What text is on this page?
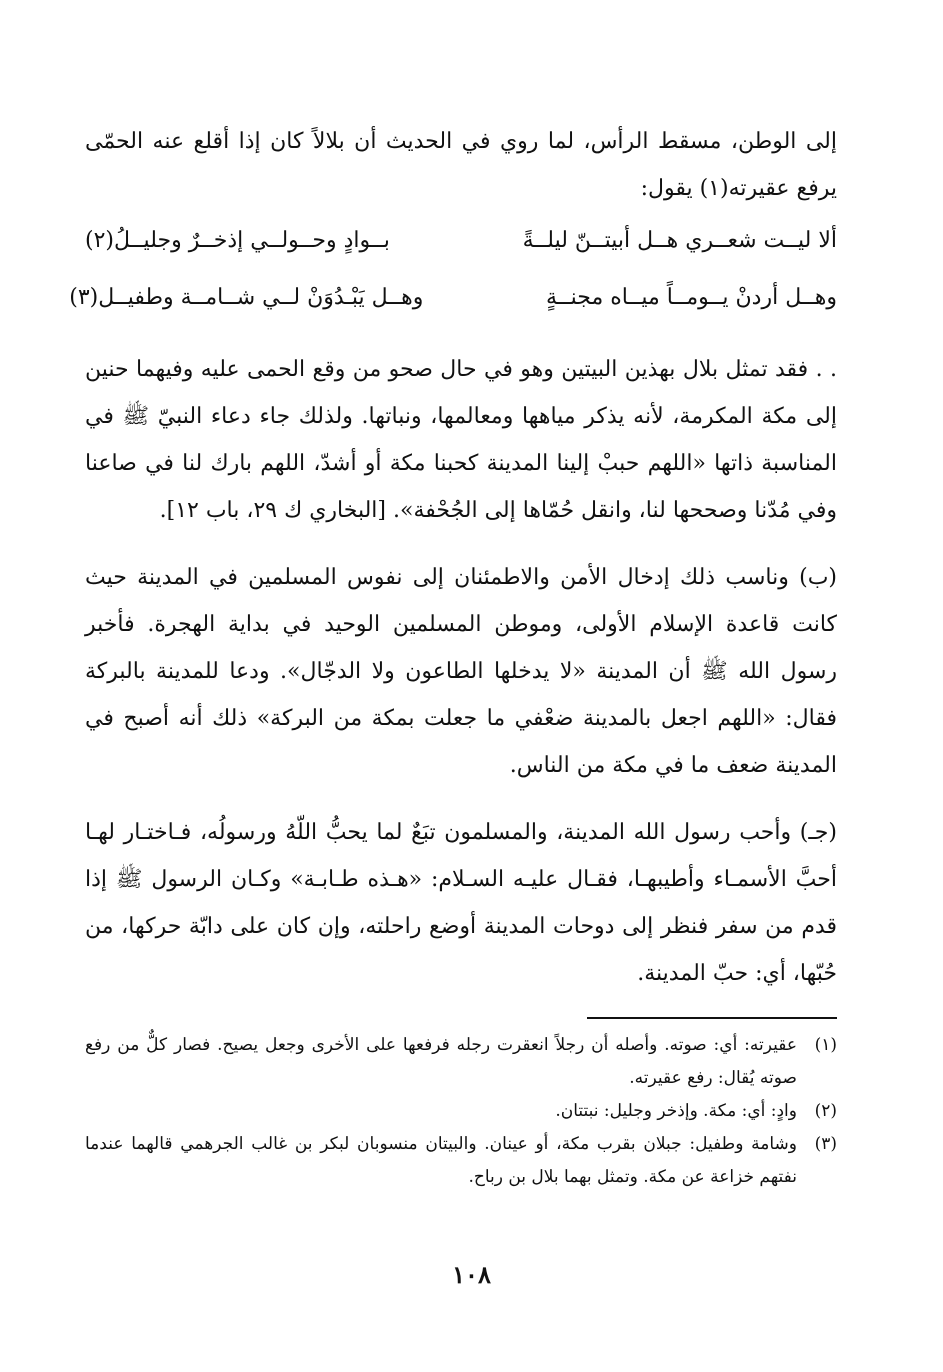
إلى الوطن، مسقط الرأس، لما روي في الحديث أن بلالاً كان إذا أقلع عنه الحمّى يرفع عقيرته(١) يقول:

ألا ليــت شعــري هــل أبيتــنّ ليلــةً
بــوادٍ وحــولــي إذخــرٌ وجليــلُ(٢)
وهــل أردنْ يــومــاً ميــاه مجنــةٍ
وهــل يَبْـدُوَنْ لــي شــامــة وطفيــل(٣)

. . فقد تمثل بلال بهذين البيتين وهو في حال صحو من وقع الحمى عليه وفيهما حنين إلى مكة المكرمة، لأنه يذكر مياهها ومعالمها، ونباتها. ولذلك جاء دعاء النبيّ ﷺ في المناسبة ذاتها «اللهم حببْ إلينا المدينة كحبنا مكة أو أشدّ، اللهم بارك لنا في صاعنا وفي مُدّنا وصححها لنا، وانقل حُمّاها إلى الجُحْفة». [البخاري ك ٢٩، باب ١٢].

(ب) وناسب ذلك إدخال الأمن والاطمئنان إلى نفوس المسلمين في المدينة حيث كانت قاعدة الإسلام الأولى، وموطن المسلمين الوحيد في بداية الهجرة. فأخبر رسول الله ﷺ أن المدينة «لا يدخلها الطاعون ولا الدجّال». ودعا للمدينة بالبركة فقال: «اللهم اجعل بالمدينة ضعْفي ما جعلت بمكة من البركة» ذلك أنه أصبح في المدينة ضعف ما في مكة من الناس.

(جـ) وأحب رسول الله المدينة، والمسلمون تبَعٌ لما يحبُّ اللّهُ ورسولُه، فـاختـار لهـا أحبَّ الأسمـاء وأطيبهـا، فقـال عليـه السـلام: «هـذه طـابـة» وكـان الرسول ﷺ إذا قدم من سفر فنظر إلى دوحات المدينة أوضع راحلته، وإن كان على دابّة حركها، من حُبّها، أي: حبّ المدينة.

(١)
عقيرته: أي: صوته. وأصله أن رجلاً انعقرت رجله فرفعها على الأخرى وجعل يصيح. فصار كلٌّ من رفع صوته يُقال: رفع عقيرته.
(٢)
وادٍ: أي: مكة. وإذخر وجليل: نبتتان.
(٣)
وشامة وطفيل: جبلان بقرب مكة، أو عينان. والبيتان منسوبان لبكر بن غالب الجرهمي قالهما عندما نفتهم خزاعة عن مكة. وتمثل بهما بلال بن رباح.
١٠٨
